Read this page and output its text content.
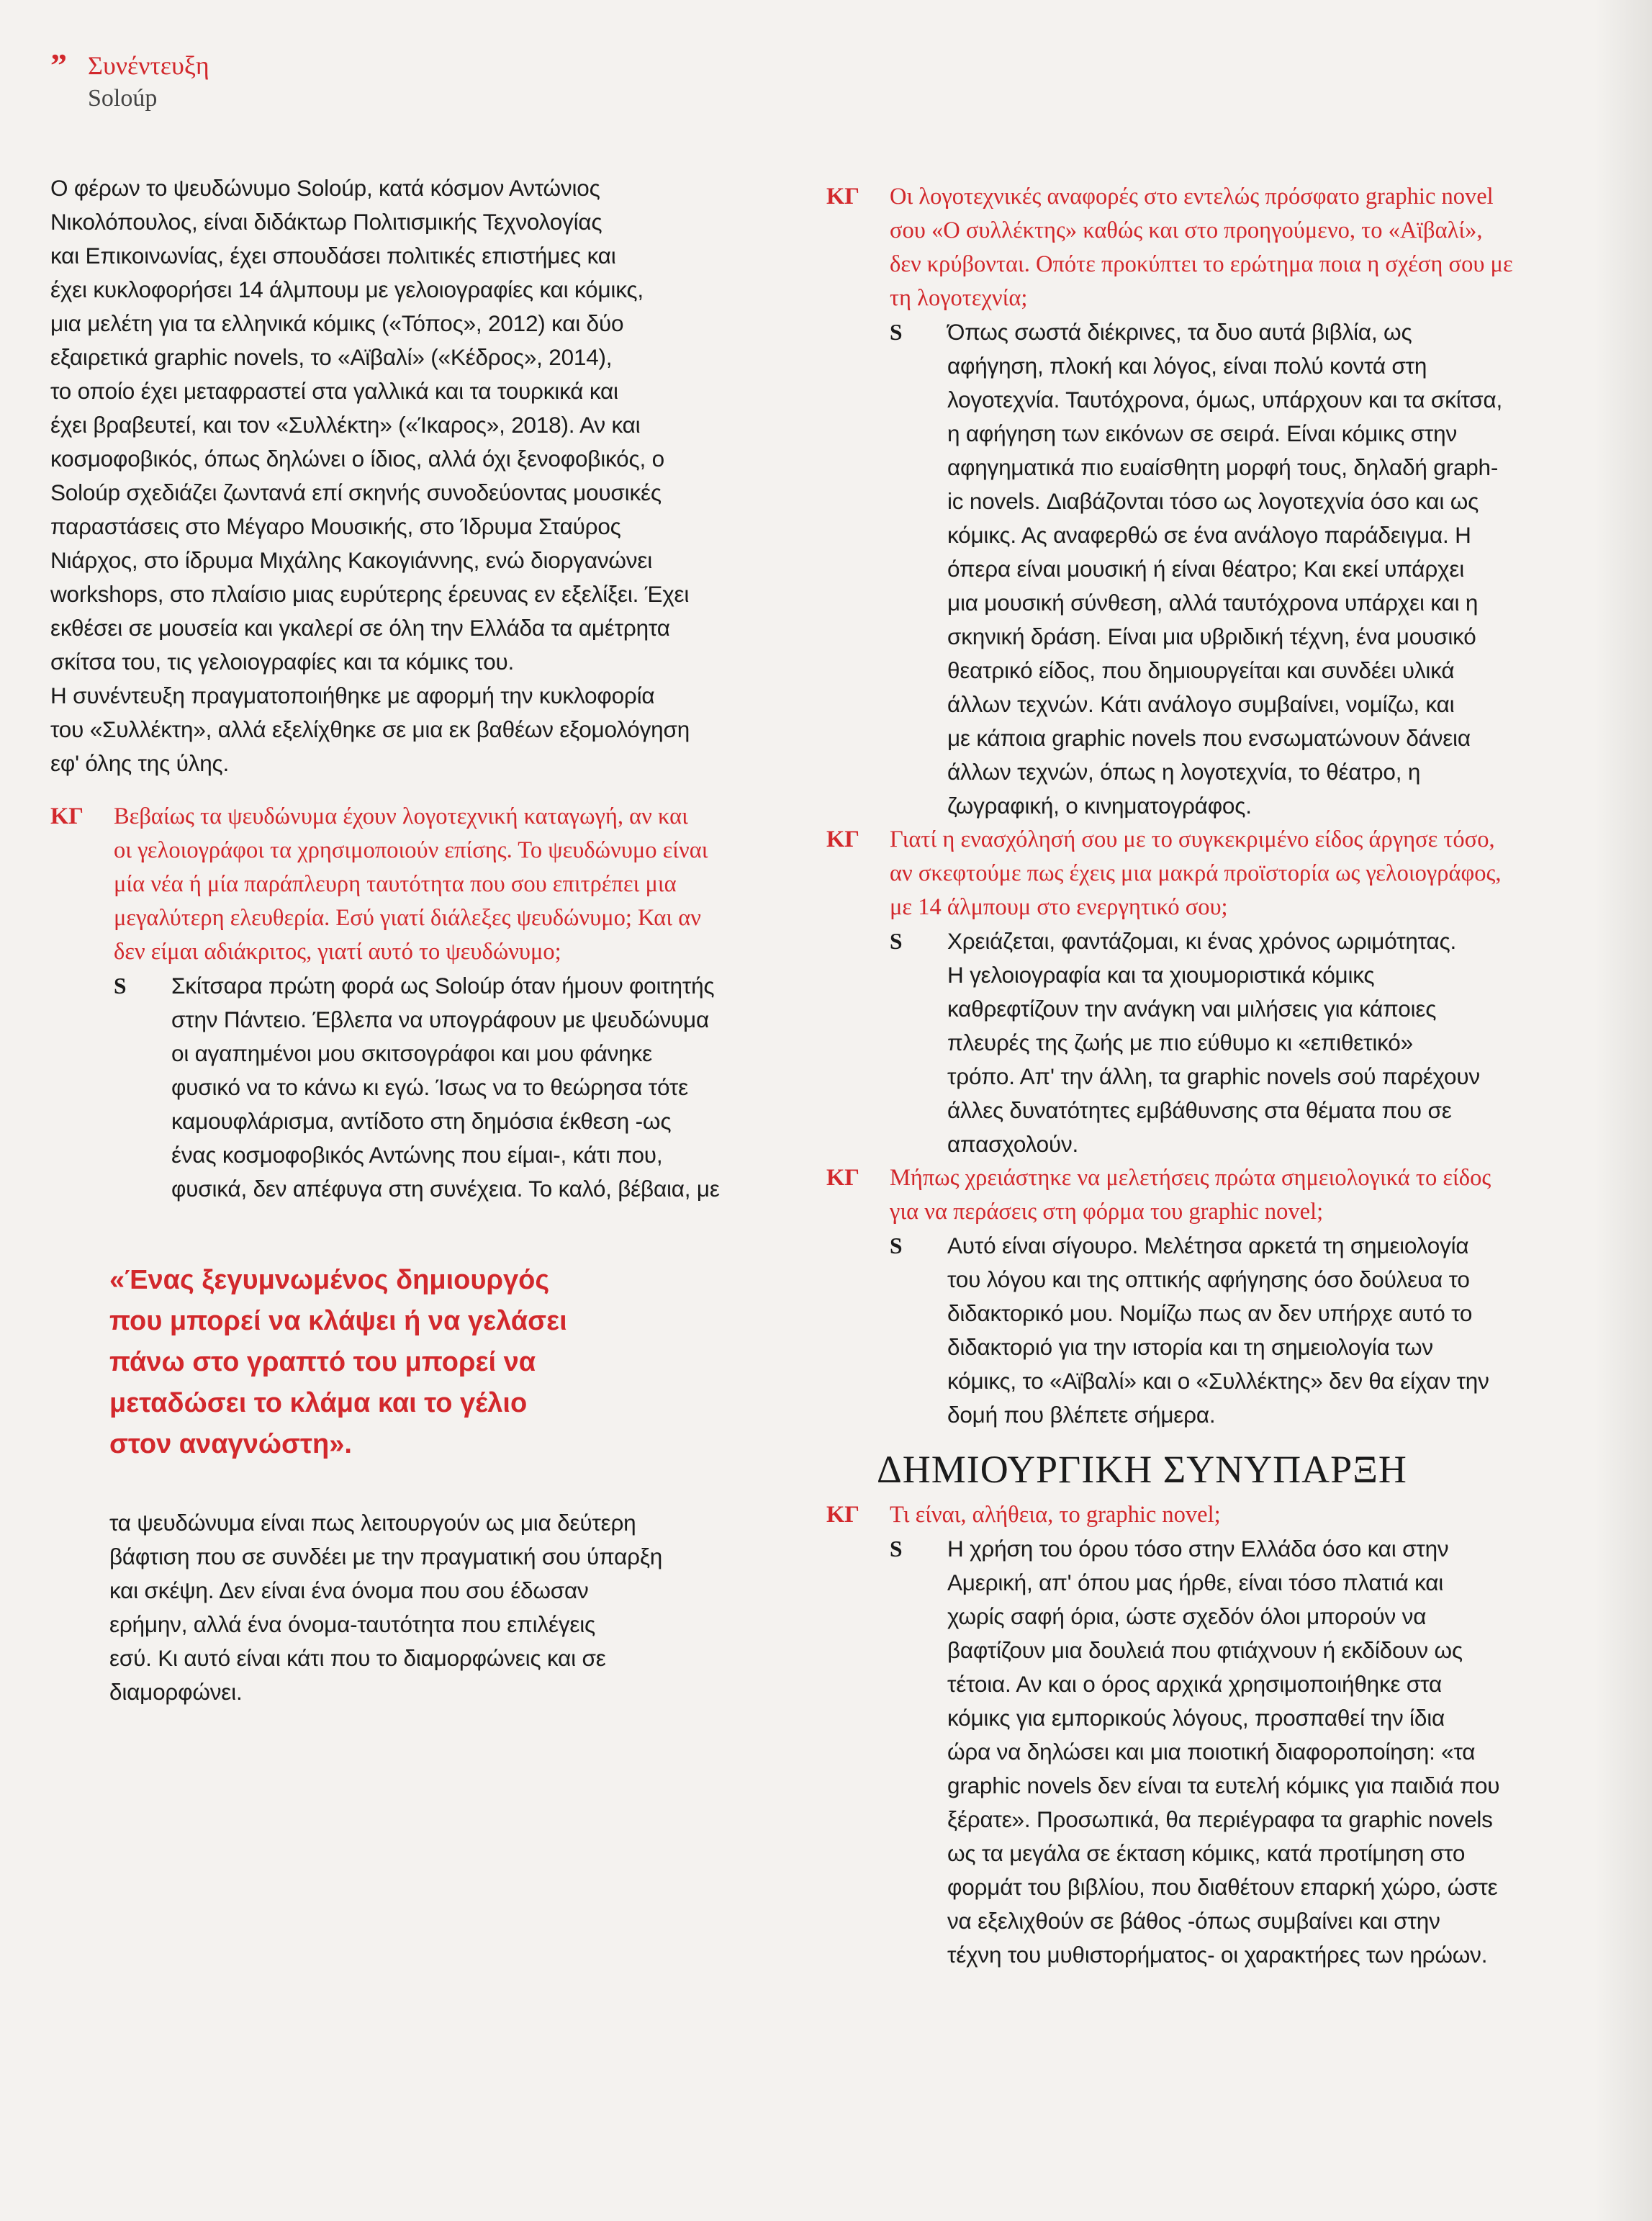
” Συνέντευξη
Soloúp

Ο φέρων το ψευδώνυμο Soloúp, κατά κόσμον Αντώνιος
Νικολόπουλος, είναι διδάκτωρ Πολιτισμικής Τεχνολογίας
και Επικοινωνίας, έχει σπουδάσει πολιτικές επιστήμες και
έχει κυκλοφορήσει 14 άλμπουμ με γελοιογραφίες και κόμικς,
μια μελέτη για τα ελληνικά κόμικς («Τόπος», 2012) και δύο
εξαιρετικά graphic novels, το «Αϊβαλί» («Κέδρος», 2014),
το οποίο έχει μεταφραστεί στα γαλλικά και τα τουρκικά και
έχει βραβευτεί, και τον «Συλλέκτη» («Ίκαρος», 2018). Αν και
κοσμοφοβικός, όπως δηλώνει ο ίδιος, αλλά όχι ξενοφοβικός, ο
Soloúp σχεδιάζει ζωντανά επί σκηνής συνοδεύοντας μουσικές
παραστάσεις στο Μέγαρο Μουσικής, στο Ίδρυμα Σταύρος
Νιάρχος, στο ίδρυμα Μιχάλης Κακογιάννης, ενώ διοργανώνει
workshops, στο πλαίσιο μιας ευρύτερης έρευνας εν εξελίξει. Έχει
εκθέσει σε μουσεία και γκαλερί σε όλη την Ελλάδα τα αμέτρητα
σκίτσα του, τις γελοιογραφίες και τα κόμικς του.
Η συνέντευξη πραγματοποιήθηκε με αφορμή την κυκλοφορία
του «Συλλέκτη», αλλά εξελίχθηκε σε μια εκ βαθέων εξομολόγηση
εφ' όλης της ύλης.

ΚΓ Βεβαίως τα ψευδώνυμα έχουν λογοτεχνική καταγωγή, αν και
οι γελοιογράφοι τα χρησιμοποιούν επίσης. Το ψευδώνυμο είναι
μία νέα ή μία παράπλευρη ταυτότητα που σου επιτρέπει μια
μεγαλύτερη ελευθερία. Εσύ γιατί διάλεξες ψευδώνυμο; Και αν
δεν είμαι αδιάκριτος, γιατί αυτό το ψευδώνυμο;
S Σκίτσαρα πρώτη φορά ως Soloúp όταν ήμουν φοιτητής
στην Πάντειο. Έβλεπα να υπογράφουν με ψευδώνυμα
οι αγαπημένοι μου σκιτσογράφοι και μου φάνηκε
φυσικό να το κάνω κι εγώ. Ίσως να το θεώρησα τότε
καμουφλάρισμα, αντίδοτο στη δημόσια έκθεση -ως
ένας κοσμοφοβικός Αντώνης που είμαι-, κάτι που,
φυσικά, δεν απέφυγα στη συνέχεια. Το καλό, βέβαια, με
«Ένας ξεγυμνωμένος δημιουργός
που μπορεί να κλάψει ή να γελάσει
πάνω στο γραπτό του μπορεί να
μεταδώσει το κλάμα και το γέλιο
στον αναγνώστη».

τα ψευδώνυμα είναι πως λειτουργούν ως μια δεύτερη
βάφτιση που σε συνδέει με την πραγματική σου ύπαρξη
και σκέψη. Δεν είναι ένα όνομα που σου έδωσαν
ερήμην, αλλά ένα όνομα-ταυτότητα που επιλέγεις
εσύ. Κι αυτό είναι κάτι που το διαμορφώνεις και σε
διαμορφώνει.

ΚΓ Οι λογοτεχνικές αναφορές στο εντελώς πρόσφατο graphic novel
σου «Ο συλλέκτης» καθώς και στο προηγούμενο, το «Αϊβαλί»,
δεν κρύβονται. Οπότε προκύπτει το ερώτημα ποια η σχέση σου με
τη λογοτεχνία;
S Όπως σωστά διέκρινες, τα δυο αυτά βιβλία, ως
αφήγηση, πλοκή και λόγος, είναι πολύ κοντά στη
λογοτεχνία. Ταυτόχρονα, όμως, υπάρχουν και τα σκίτσα,
η αφήγηση των εικόνων σε σειρά. Είναι κόμικς στην
αφηγηματικά πιο ευαίσθητη μορφή τους, δηλαδή graph-
ic novels. Διαβάζονται τόσο ως λογοτεχνία όσο και ως
κόμικς. Ας αναφερθώ σε ένα ανάλογο παράδειγμα. Η
όπερα είναι μουσική ή είναι θέατρο; Και εκεί υπάρχει
μια μουσική σύνθεση, αλλά ταυτόχρονα υπάρχει και η
σκηνική δράση. Είναι μια υβριδική τέχνη, ένα μουσικό
θεατρικό είδος, που δημιουργείται και συνδέει υλικά
άλλων τεχνών. Κάτι ανάλογο συμβαίνει, νομίζω, και
με κάποια graphic novels που ενσωματώνουν δάνεια
άλλων τεχνών, όπως η λογοτεχνία, το θέατρο, η
ζωγραφική, ο κινηματογράφος.
ΚΓ Γιατί η ενασχόλησή σου με το συγκεκριμένο είδος άργησε τόσο,
αν σκεφτούμε πως έχεις μια μακρά προϊστορία ως γελοιογράφος,
με 14 άλμπουμ στο ενεργητικό σου;
S Χρειάζεται, φαντάζομαι, κι ένας χρόνος ωριμότητας.
Η γελοιογραφία και τα χιουμοριστικά κόμικς
καθρεφτίζουν την ανάγκη ναι μιλήσεις για κάποιες
πλευρές της ζωής με πιο εύθυμο κι «επιθετικό»
τρόπο. Απ' την άλλη, τα graphic novels σού παρέχουν
άλλες δυνατότητες εμβάθυνσης στα θέματα που σε
απασχολούν.
ΚΓ Μήπως χρειάστηκε να μελετήσεις πρώτα σημειολογικά το είδος
για να περάσεις στη φόρμα του graphic novel;
S Αυτό είναι σίγουρο. Μελέτησα αρκετά τη σημειολογία
του λόγου και της οπτικής αφήγησης όσο δούλευα το
διδακτορικό μου. Νομίζω πως αν δεν υπήρχε αυτό το
διδακτοριό για την ιστορία και τη σημειολογία των
κόμικς, το «Αϊβαλί» και ο «Συλλέκτης» δεν θα είχαν την
δομή που βλέπετε σήμερα.
ΔΗΜΙΟΥΡΓΙΚΗ ΣΥΝΥΠΑΡΞΗ
ΚΓ Τι είναι, αλήθεια, το graphic novel;
S Η χρήση του όρου τόσο στην Ελλάδα όσο και στην
Αμερική, απ' όπου μας ήρθε, είναι τόσο πλατιά και
χωρίς σαφή όρια, ώστε σχεδόν όλοι μπορούν να
βαφτίζουν μια δουλειά που φτιάχνουν ή εκδίδουν ως
τέτοια. Αν και ο όρος αρχικά χρησιμοποιήθηκε στα
κόμικς για εμπορικούς λόγους, προσπαθεί την ίδια
ώρα να δηλώσει και μια ποιοτική διαφοροποίηση: «τα
graphic novels δεν είναι τα ευτελή κόμικς για παιδιά που
ξέρατε». Προσωπικά, θα περιέγραφα τα graphic novels
ως τα μεγάλα σε έκταση κόμικς, κατά προτίμηση στο
φορμάτ του βιβλίου, που διαθέτουν επαρκή χώρο, ώστε
να εξελιχθούν σε βάθος -όπως συμβαίνει και στην
τέχνη του μυθιστορήματος- οι χαρακτήρες των ηρώων.
